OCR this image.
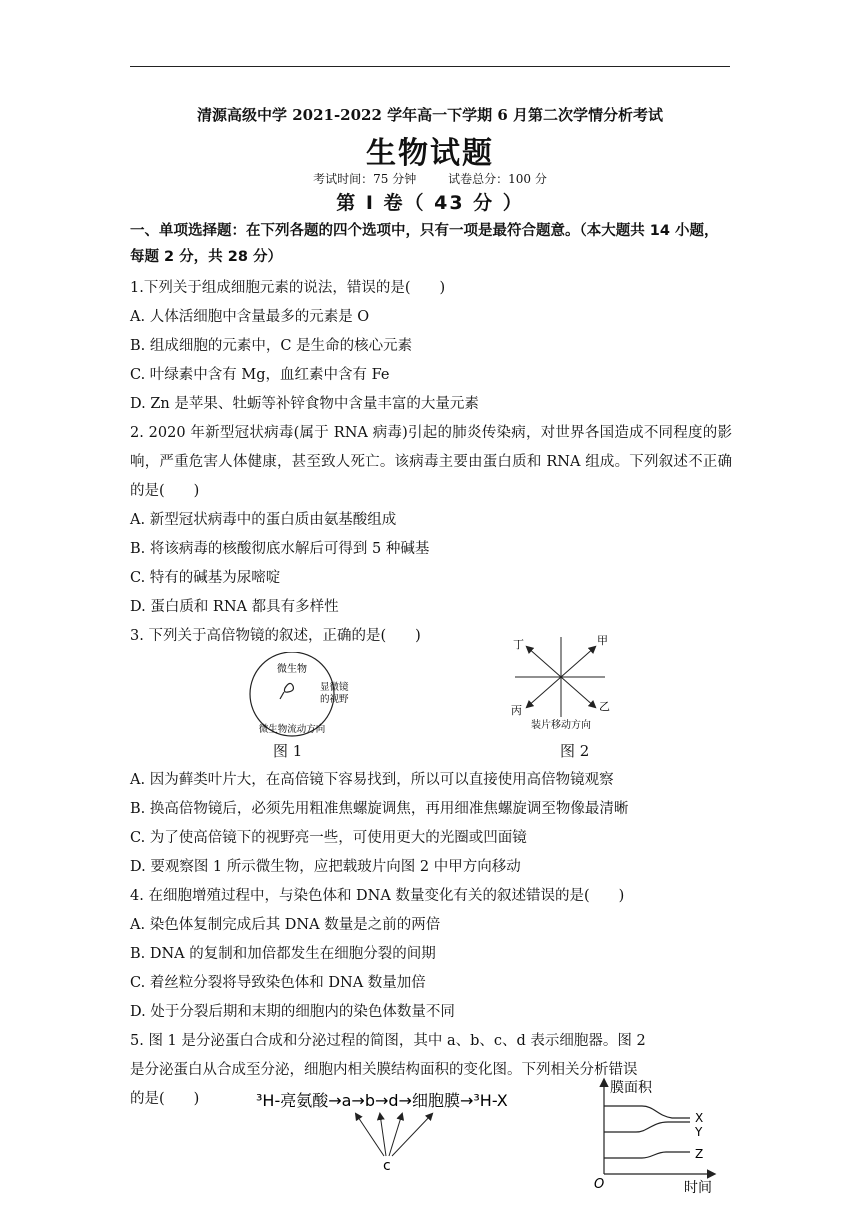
清源高级中学 2021-2022 学年高一下学期 6 月第二次学情分析考试
生物试题
考试时间：75 分钟	试卷总分：100 分
第 Ⅰ 卷（ 43 分 ）
一、单项选择题：在下列各题的四个选项中，只有一项是最符合题意。（本大题共 14 小题，每题 2 分，共 28 分）
1.下列关于组成细胞元素的说法，错误的是(　　)
A. 人体活细胞中含量最多的元素是 O
B. 组成细胞的元素中，C 是生命的核心元素
C. 叶绿素中含有 Mg，血红素中含有 Fe
D. Zn 是苹果、牡蛎等补锌食物中含量丰富的大量元素
2. 2020 年新型冠状病毒(属于 RNA 病毒)引起的肺炎传染病，对世界各国造成不同程度的影响，严重危害人体健康，甚至致人死亡。该病毒主要由蛋白质和 RNA 组成。下列叙述不正确的是(　　)
A. 新型冠状病毒中的蛋白质由氨基酸组成
B. 将该病毒的核酸彻底水解后可得到 5 种碱基
C. 特有的碱基为尿嘧啶
D. 蛋白质和 RNA 都具有多样性
3. 下列关于高倍物镜的叙述，正确的是(　　)
微生物
显微镜
的视野
微生物流动方向
丁	甲
丙	乙
装片移动方向
图 1	图 2
A. 因为藓类叶片大，在高倍镜下容易找到，所以可以直接使用高倍物镜观察
B. 换高倍物镜后，必须先用粗准焦螺旋调焦，再用细准焦螺旋调至物像最清晰
C. 为了使高倍镜下的视野亮一些，可使用更大的光圈或凹面镜
D. 要观察图 1 所示微生物，应把载玻片向图 2 中甲方向移动
4. 在细胞增殖过程中，与染色体和 DNA 数量变化有关的叙述错误的是(　　)
A. 染色体复制完成后其 DNA 数量是之前的两倍
B. DNA 的复制和加倍都发生在细胞分裂的间期
C. 着丝粒分裂将导致染色体和 DNA 数量加倍
D. 处于分裂后期和末期的细胞内的染色体数量不同
5. 图 1 是分泌蛋白合成和分泌过程的简图，其中 a、b、c、d 表示细胞器。图 2
是分泌蛋白从合成至分泌，细胞内相关膜结构面积的变化图。下列相关分析错误
的是(　　)	³H-亮氨酸→a→b→d→细胞膜→³H-X
c
膜面积
时间
O
X
Y
Z
